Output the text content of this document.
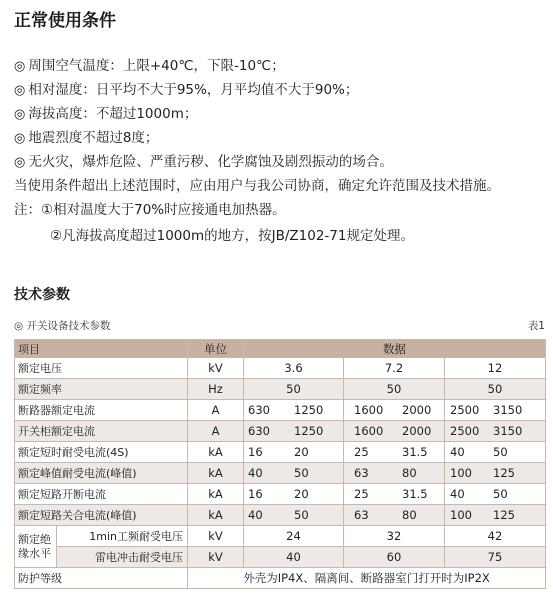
正常使用条件
◎ 周围空气温度：上限+40℃，下限-10℃；
◎ 相对湿度：日平均不大于95%，月平均值不大于90%；
◎ 海拔高度：不超过1000m；
◎ 地震烈度不超过8度；
◎ 无火灾，爆炸危险、严重污秽、化学腐蚀及剧烈振动的场合。
当使用条件超出上述范围时，应由用户与我公司协商，确定允许范围及技术措施。
注：①相对温度大于70%时应接通电加热器。
②凡海拔高度超过1000m的地方，按JB/Z102-71规定处理。
技术参数
◎ 开关设备技术参数	表1
项目		单位	数据		
额定电压		kV	3.6	7.2	12
额定频率		Hz	50	50	50
断路器额定电流		A	630 1250	1600 2000	2500 3150

开关柜额定电流		A	630 1250	1600 2000	2500 3150

额定短时耐受电流(4S)		kA	16 20	25 31.5	40 50

额定峰值耐受电流(峰值)		kA	40 50	63 80	100 125

额定短路开断电流		kA	16 20	25 31.5	40 50

额定短路关合电流(峰值)		kA	40 50	63 80	100 125

额定绝
缘水平	1min工频耐受电压	kV	24	32	42
	雷电冲击耐受电压	kV	40	60	75
防护等级		外壳为IP4X、隔离间、断路器室门打开时为IP2X			
